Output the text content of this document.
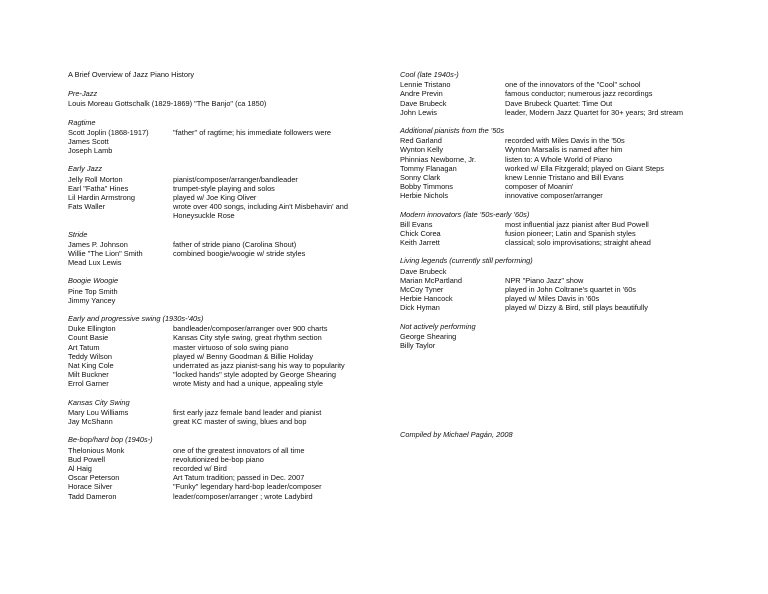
A Brief Overview of Jazz Piano History
Pre-Jazz
Louis Moreau Gottschalk (1829-1869) "The Banjo" (ca 1850)
Ragtime
Scott Joplin (1868-1917)	"father" of ragtime; his immediate followers were
James Scott
Joseph Lamb
Early Jazz
Jelly Roll Morton	pianist/composer/arranger/bandleader
Earl "Fatha" Hines	trumpet-style playing and solos
Lil Hardin Armstrong	played w/ Joe King Oliver
Fats Waller	wrote over 400 songs, including Ain't Misbehavin' and Honeysuckle Rose
Stride
James P. Johnson	father of stride piano (Carolina Shout)
Willie "The Lion" Smith	combined boogie/woogie w/ stride styles
Mead Lux Lewis
Boogie Woogie
Pine Top Smith
Jimmy Yancey
Early and progressive swing (1930s-'40s)
Duke Ellington	bandleader/composer/arranger over 900 charts
Count Basie	Kansas City style swing, great rhythm section
Art Tatum	master virtuoso of solo swing piano
Teddy Wilson	played w/ Benny Goodman & Billie Holiday
Nat King Cole	underrated as jazz pianist-sang his way to popularity
Milt Buckner	"locked hands" style adopted by George Shearing
Errol Garner	wrote Misty and had a unique, appealing style
Kansas City Swing
Mary Lou Williams	first early jazz female band leader and pianist
Jay McShann	great KC master of swing, blues and bop
Be-bop/hard bop (1940s-)
Thelonious Monk	one of the greatest innovators of all time
Bud Powell	revolutionized be-bop piano
Al Haig	recorded w/ Bird
Oscar Peterson	Art Tatum tradition; passed in Dec. 2007
Horace Silver	"Funky" legendary hard-bop leader/composer
Tadd Dameron	leader/composer/arranger ; wrote Ladybird
Cool (late 1940s-)
Lennie Tristano	one of the innovators of the "Cool" school
Andre Previn	famous conductor; numerous jazz recordings
Dave Brubeck	Dave Brubeck Quartet: Time Out
John Lewis	leader, Modern Jazz Quartet for 30+ years; 3rd stream
Additional pianists from the '50s
Red Garland	recorded with Miles Davis in the '50s
Wynton Kelly	Wynton Marsalis is named after him
Phinnias Newborne, Jr.	listen to: A Whole World of Piano
Tommy Flanagan	worked w/ Ella Fitzgerald; played on Giant Steps
Sonny Clark	knew Lennie Tristano and Bill Evans
Bobby Timmons	composer of Moanin'
Herbie Nichols	innovative composer/arranger
Modern innovators (late '50s-early '60s)
Bill Evans	most influential jazz pianist after Bud Powell
Chick Corea	fusion pioneer; Latin and Spanish styles
Keith Jarrett	classical; solo improvisations; straight ahead
Living legends (currently still performing)
Dave Brubeck
Marian McPartland	NPR "Piano Jazz" show
McCoy Tyner	played in John Coltrane's quartet in '60s
Herbie Hancock	played w/ Miles Davis in '60s
Dick Hyman	played w/ Dizzy & Bird, still plays beautifully
Not actively performing
George Shearing
Billy Taylor
Compiled by Michael Pagán, 2008
